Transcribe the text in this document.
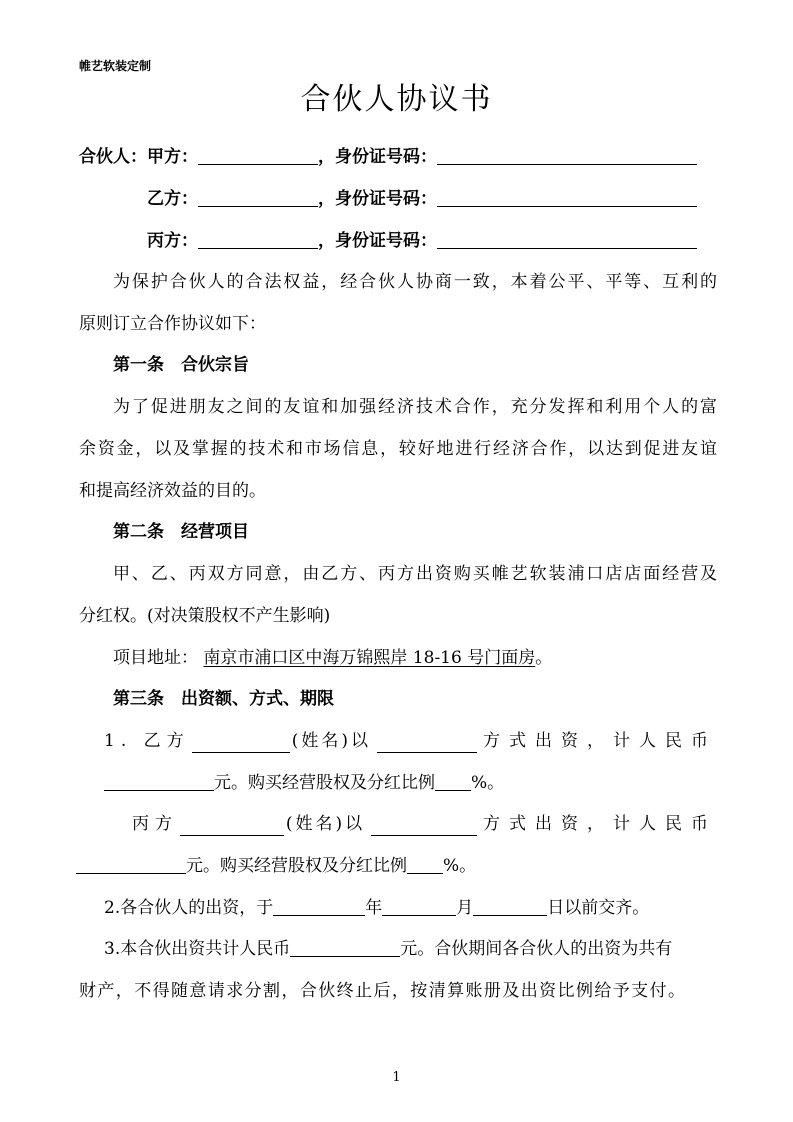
帷艺软装定制
合伙人协议书
合伙人：甲方：	，身份证号码：
乙方：	，身份证号码：
丙方：	，身份证号码：
为保护合伙人的合法权益，经合伙人协商一致，本着公平、平等、互利的
原则订立合作协议如下：
第一条　合伙宗旨
为了促进朋友之间的友谊和加强经济技术合作，充分发挥和利用个人的富
余资金，以及掌握的技术和市场信息，较好地进行经济合作，以达到促进友谊
和提高经济效益的目的。
第二条　经营项目
甲、乙、丙双方同意，由乙方、丙方出资购买帷艺软装浦口店店面经营及
分红权。(对决策股权不产生影响)
项目地址： 南京市浦口区中海万锦熙岸 18-16 号门面房。
第三条　出资额、方式、期限
1. 乙方	(姓名)以	方式出资，计人民币
元。购买经营股权及分红比例 %。
丙方	(姓名)以	方式出资，计人民币
元。购买经营股权及分红比例 %。
2.各合伙人的出资，于	年	月	日以前交齐。
3.本合伙出资共计人民币	元。合伙期间各合伙人的出资为共有
财产，不得随意请求分割，合伙终止后，按清算账册及出资比例给予支付。
1
